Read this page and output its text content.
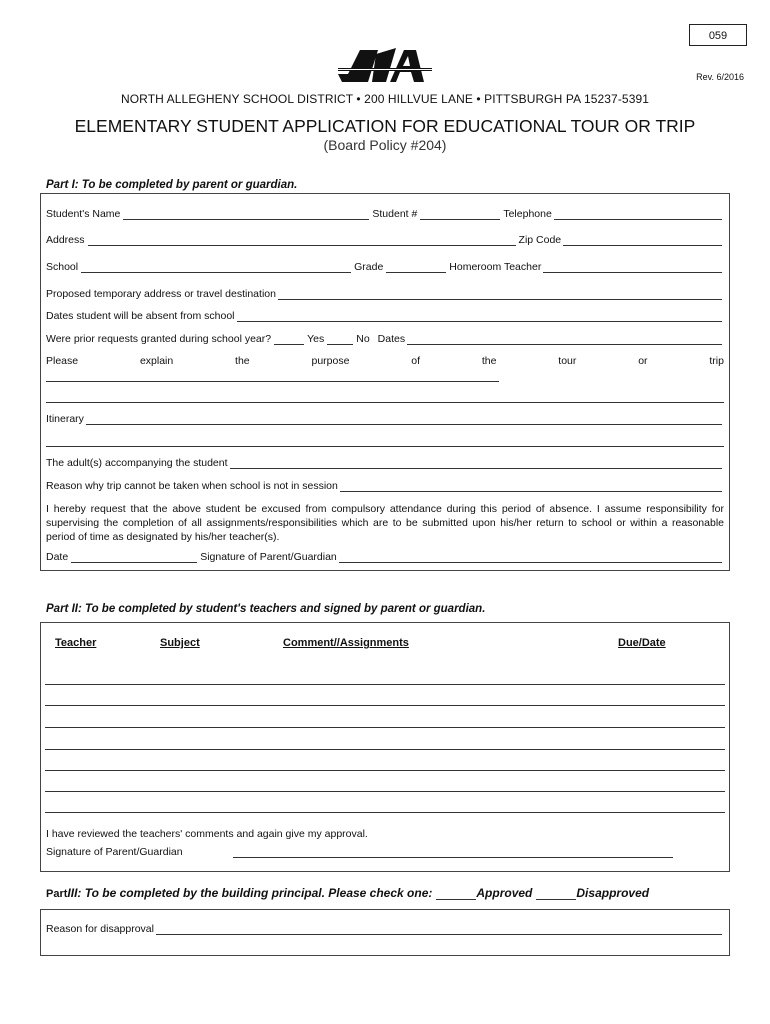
059
Rev. 6/2016
NORTH ALLEGHENY SCHOOL DISTRICT • 200 HILLVUE LANE • PITTSBURGH PA 15237-5391
ELEMENTARY STUDENT APPLICATION FOR EDUCATIONAL TOUR OR TRIP
(Board Policy #204)
Part I: To be completed by parent or guardian.
Student's Name	Student #	Telephone
Address	Zip Code
School	Grade	Homeroom Teacher
Proposed temporary address or travel destination
Dates student will be absent from school
Were prior requests granted during school year?	Yes	No Dates
Please	explain	the	purpose	of	the	tour	or	trip
Itinerary
The adult(s) accompanying the student
Reason why trip cannot be taken when school is not in session
I hereby request that the above student be excused from compulsory attendance during this period of absence. I assume responsibility for supervising the completion of all assignments/responsibilities which are to be submitted upon his/her return to school or within a reasonable period of time as designated by his/her teacher(s).
Date	Signature of Parent/Guardian
Part II: To be completed by student's teachers and signed by parent or guardian.
Teacher	Subject	Comment//Assignments	Due/Date
I have reviewed the teachers' comments and again give my approval.
Signature of Parent/Guardian
Part III: To be completed by the building principal. Please check one:	Approved	Disapproved
Reason for disapproval
